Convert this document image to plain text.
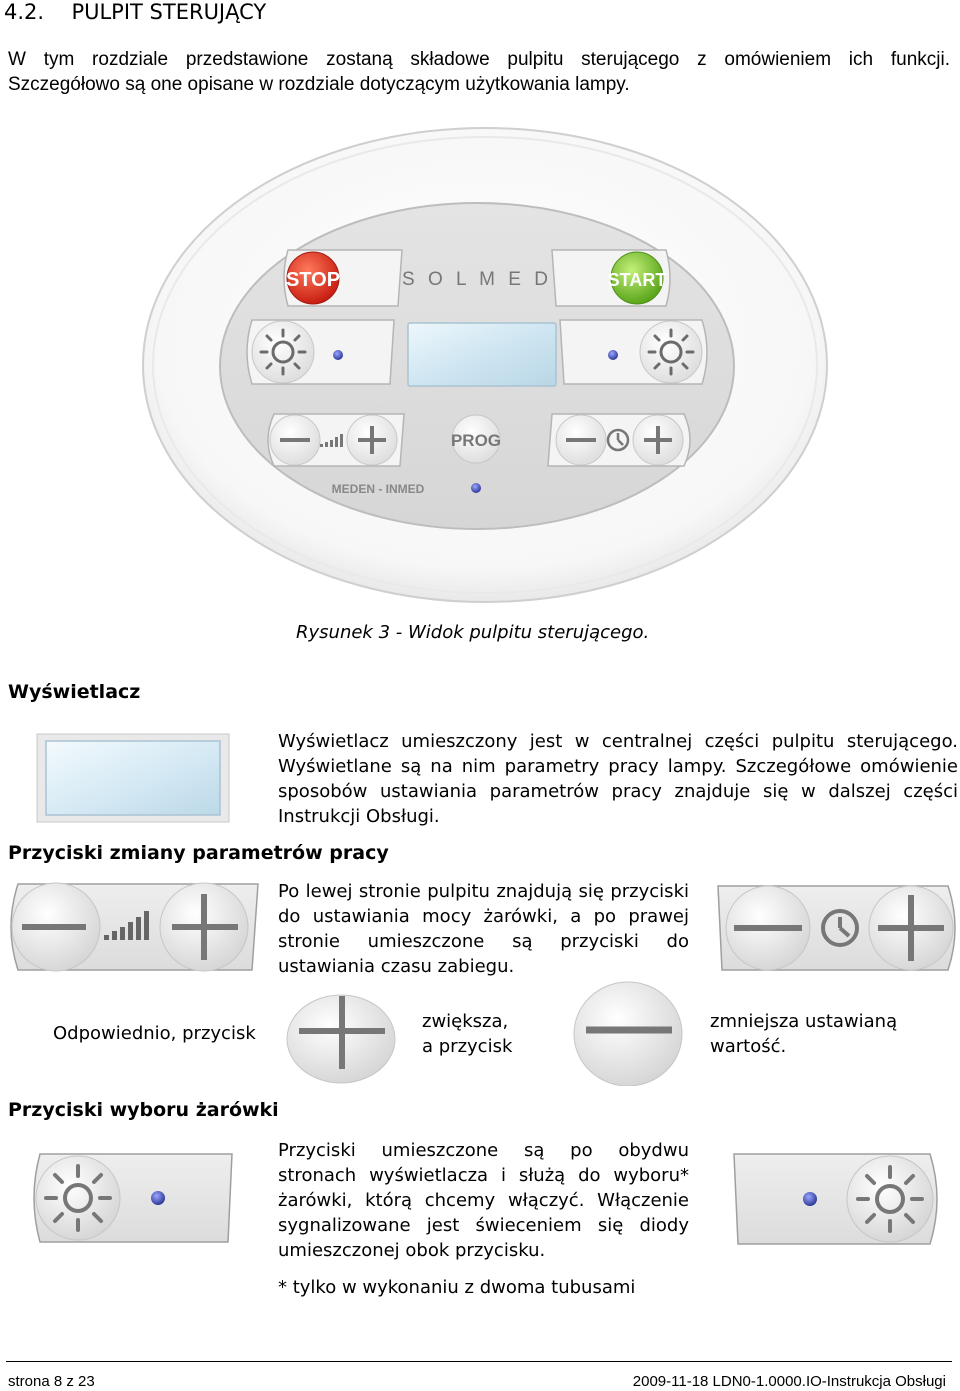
4.2. PULPIT STERUJĄCY

W tym rozdziale przedstawione zostaną składowe pulpitu sterującego z omówieniem ich funkcji.

Szczegółowo są one opisane w rozdziale dotyczącym użytkowania lampy.

STOP	S O L M E D	START
PROG
MEDEN - INMED
Rysunek 3 - Widok pulpitu sterującego.
Wyświetlacz

Wyświetlacz umieszczony jest w centralnej części pulpitu sterującego. Wyświetlane są na nim parametry pracy lampy. Szczegółowe omówienie sposobów ustawiania parametrów pracy znajduje się w dalszej części Instrukcji Obsługi.

Przyciski zmiany parametrów pracy

Po lewej stronie pulpitu znajdują się przyciski do ustawiania mocy żarówki, a po prawej stronie umieszczone są przyciski do ustawiania czasu zabiegu.

Odpowiednio, przycisk
zwiększa,
a przycisk
zmniejsza ustawianą
wartość.
Przyciski wyboru żarówki

Przyciski umieszczone są po obydwu stronach wyświetlacza i służą do wyboru* żarówki, którą chcemy włączyć. Włączenie sygnalizowane jest świeceniem się diody umieszczonej obok przycisku.

* tylko w wykonaniu z dwoma tubusami
strona 8 z 23	2009-11-18 LDN0-1.0000.IO-Instrukcja Obsługi
